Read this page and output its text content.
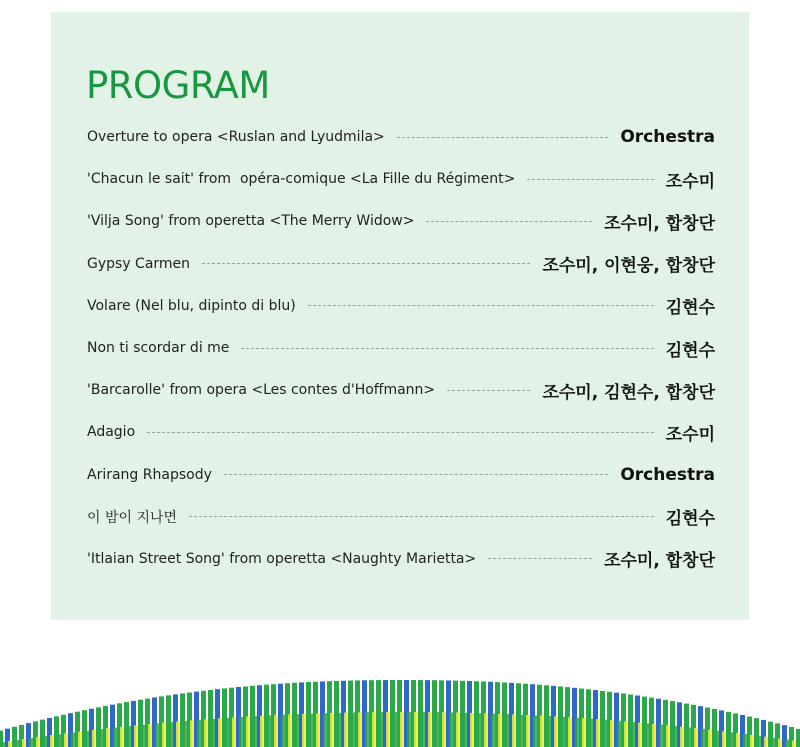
PROGRAM
Overture to opera <Ruslan and Lyudmila>	Orchestra
'Chacun le sait' from  opéra-comique <La Fille du Régiment>	조수미
'Vilja Song' from operetta <The Merry Widow>	조수미, 합창단
Gypsy Carmen	조수미, 이현웅, 합창단
Volare (Nel blu, dipinto di blu)	김현수
Non ti scordar di me	김현수
'Barcarolle' from opera <Les contes d'Hoffmann>	조수미, 김현수, 합창단
Adagio	조수미
Arirang Rhapsody	Orchestra
이 밤이 지나면	김현수
'Itlaian Street Song' from operetta <Naughty Marietta>	조수미, 합창단
